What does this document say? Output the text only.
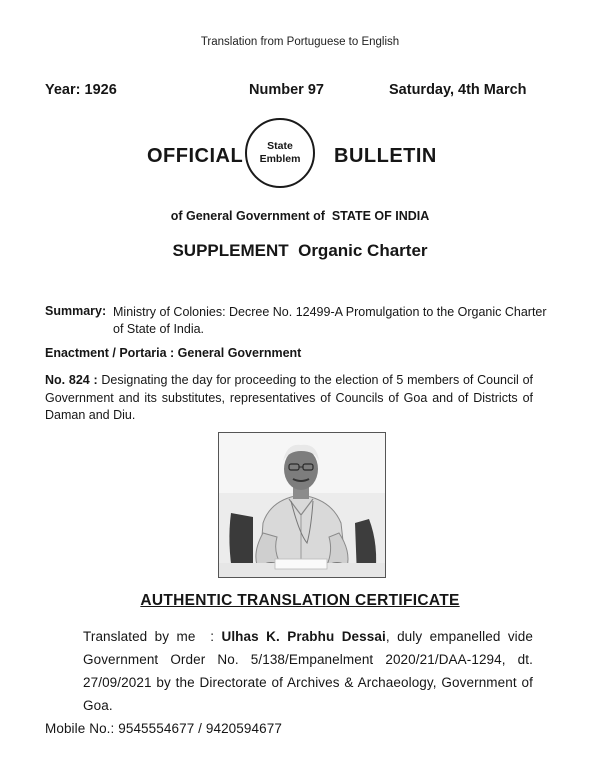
Translation from Portuguese to English
Year: 1926	Number 97	Saturday, 4th March
OFFICIAL State
Emblem BULLETIN
of General Government of  STATE OF INDIA
SUPPLEMENT  Organic Charter
Summary: Ministry of Colonies: Decree No. 12499-A Promulgation to the Organic Charter of State of India.
Enactment / Portaria : General Government
No. 824 : Designating the day for proceeding to the election of 5 members of Council of Government and its substitutes, representatives of Councils of Goa and of Districts of Daman and Diu.
AUTHENTIC TRANSLATION CERTIFICATE

Translated by me  : Ulhas K. Prabhu Dessai, duly empanelled vide Government Order No. 5/138/Empanelment 2020/21/DAA-1294, dt. 27/09/2021 by the Directorate of Archives & Archaeology, Government of Goa.

Mobile No.: 9545554677 / 9420594677
